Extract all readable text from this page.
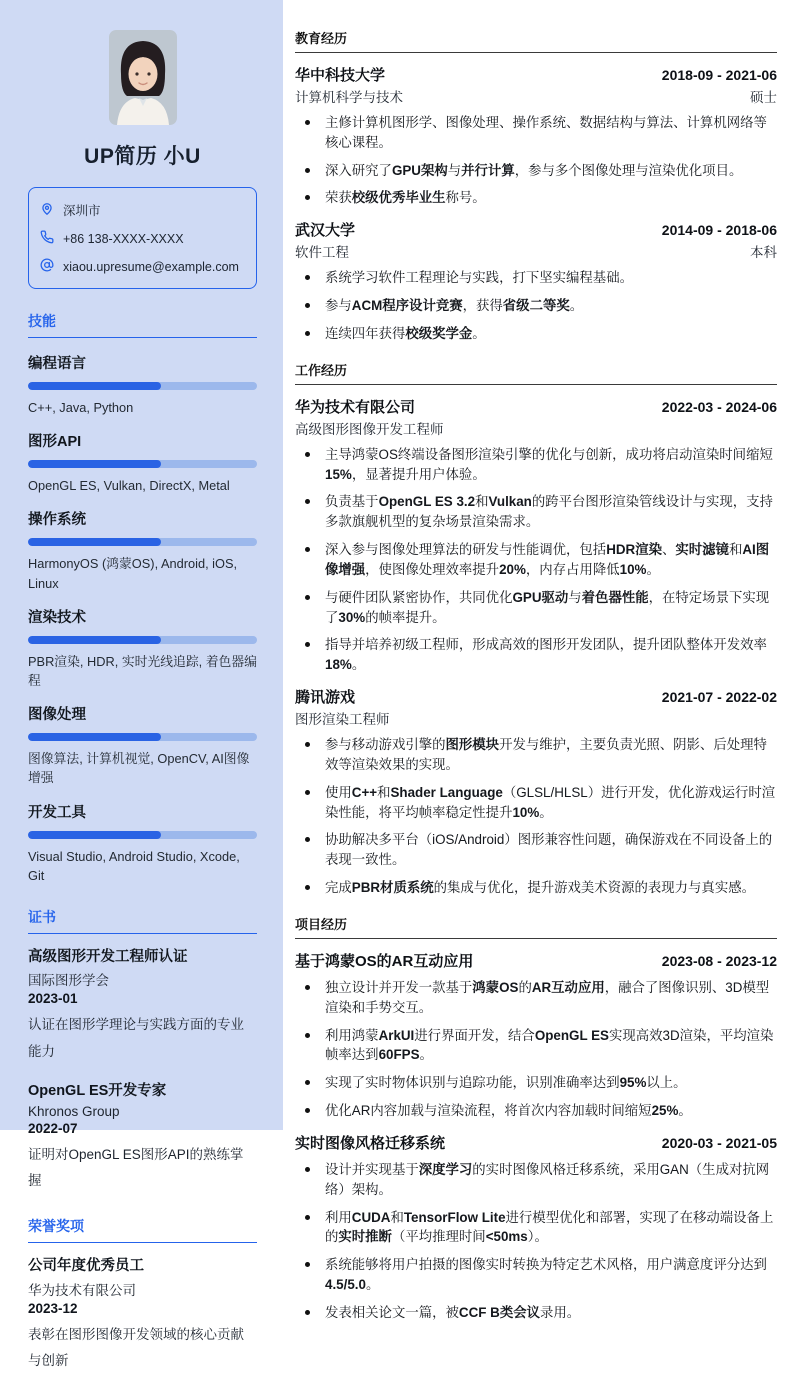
UP简历 小U
深圳市
+86 138-XXXX-XXXX
xiaou.upresume@example.com
技能
编程语言
C++, Java, Python
图形API
OpenGL ES, Vulkan, DirectX, Metal
操作系统
HarmonyOS (鸿蒙OS), Android, iOS, Linux
渲染技术
PBR渲染, HDR, 实时光线追踪, 着色器编程
图像处理
图像算法, 计算机视觉, OpenCV, AI图像增强
开发工具
Visual Studio, Android Studio, Xcode, Git
证书
高级图形开发工程师认证
国际图形学会
2023-01
认证在图形学理论与实践方面的专业能力
OpenGL ES开发专家
Khronos Group
2022-07
证明对OpenGL ES图形API的熟练掌握
荣誉奖项
公司年度优秀员工
华为技术有限公司
2023-12
表彰在图形图像开发领域的核心贡献与创新
教育经历
华中科技大学	2018-09 - 2021-06
计算机科学与技术	硕士
主修计算机图形学、图像处理、操作系统、数据结构与算法、计算机网络等核心课程。
深入研究了GPU架构与并行计算，参与多个图像处理与渲染优化项目。
荣获校级优秀毕业生称号。
武汉大学	2014-09 - 2018-06
软件工程	本科
系统学习软件工程理论与实践，打下坚实编程基础。
参与ACM程序设计竞赛，获得省级二等奖。
连续四年获得校级奖学金。
工作经历
华为技术有限公司	2022-03 - 2024-06
高级图形图像开发工程师
主导鸿蒙OS终端设备图形渲染引擎的优化与创新，成功将启动渲染时间缩短15%，显著提升用户体验。
负责基于OpenGL ES 3.2和Vulkan的跨平台图形渲染管线设计与实现，支持多款旗舰机型的复杂场景渲染需求。
深入参与图像处理算法的研发与性能调优，包括HDR渲染、实时滤镜和AI图像增强，使图像处理效率提升20%，内存占用降低10%。
与硬件团队紧密协作，共同优化GPU驱动与着色器性能，在特定场景下实现了30%的帧率提升。
指导并培养初级工程师，形成高效的图形开发团队，提升团队整体开发效率18%。
腾讯游戏	2021-07 - 2022-02
图形渲染工程师
参与移动游戏引擎的图形模块开发与维护，主要负责光照、阴影、后处理特效等渲染效果的实现。
使用C++和Shader Language（GLSL/HLSL）进行开发，优化游戏运行时渲染性能，将平均帧率稳定性提升10%。
协助解决多平台（iOS/Android）图形兼容性问题，确保游戏在不同设备上的表现一致性。
完成PBR材质系统的集成与优化，提升游戏美术资源的表现力与真实感。
项目经历
基于鸿蒙OS的AR互动应用	2023-08 - 2023-12
独立设计并开发一款基于鸿蒙OS的AR互动应用，融合了图像识别、3D模型渲染和手势交互。
利用鸿蒙ArkUI进行界面开发，结合OpenGL ES实现高效3D渲染，平均渲染帧率达到60FPS。
实现了实时物体识别与追踪功能，识别准确率达到95%以上。
优化AR内容加载与渲染流程，将首次内容加载时间缩短25%。
实时图像风格迁移系统	2020-03 - 2021-05
设计并实现基于深度学习的实时图像风格迁移系统，采用GAN（生成对抗网络）架构。
利用CUDA和TensorFlow Lite进行模型优化和部署，实现了在移动端设备上的实时推断（平均推理时间<50ms）。
系统能够将用户拍摄的图像实时转换为特定艺术风格，用户满意度评分达到4.5/5.0。
发表相关论文一篇，被CCF B类会议录用。
